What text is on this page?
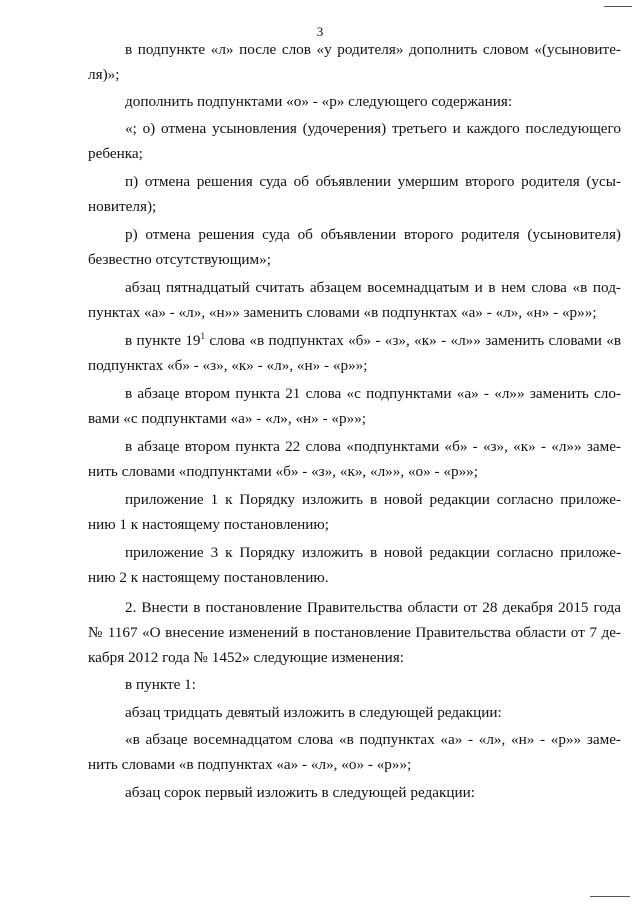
3
в подпункте «л» после слов «у родителя» дополнить словом «(усыновите-
ля)»;
дополнить подпунктами «о» - «р» следующего содержания:
«; о) отмена усыновления (удочерения) третьего и каждого последующего
ребенка;
п) отмена решения суда об объявлении умершим второго родителя (усы-
новителя);
р) отмена решения суда об объявлении второго родителя (усыновителя)
безвестно отсутствующим»;
абзац пятнадцатый считать абзацем восемнадцатым и в нем слова «в под-
пунктах «а» - «л», «н»» заменить словами «в подпунктах «а» - «л», «н» - «р»»;
в пункте $19^1$ слова «в подпунктах «б» - «з», «к» - «л»» заменить словами «в
подпунктах «б» - «з», «к» - «л», «н» - «р»»;
в абзаце втором пункта 21 слова «с подпунктами «а» - «л»» заменить сло-
вами «с подпунктами «а» - «л», «н» - «р»»;
в абзаце втором пункта 22 слова «подпунктами «б» - «з», «к» - «л»» заме-
нить словами «подпунктами «б» - «з», «к», «л»», «о» - «р»»;
приложение 1 к Порядку изложить в новой редакции согласно приложе-
нию 1 к настоящему постановлению;
приложение 3 к Порядку изложить в новой редакции согласно приложе-
нию 2 к настоящему постановлению.
2. Внести в постановление Правительства области от 28 декабря 2015 года
№ 1167 «О внесение изменений в постановление Правительства области от 7 де-
кабря 2012 года № 1452» следующие изменения:
в пункте 1:
абзац тридцать девятый изложить в следующей редакции:
«в абзаце восемнадцатом слова «в подпунктах «а» - «л», «н» - «р»» заме-
нить словами «в подпунктах «а» - «л», «о» - «р»»;
абзац сорок первый изложить в следующей редакции:
